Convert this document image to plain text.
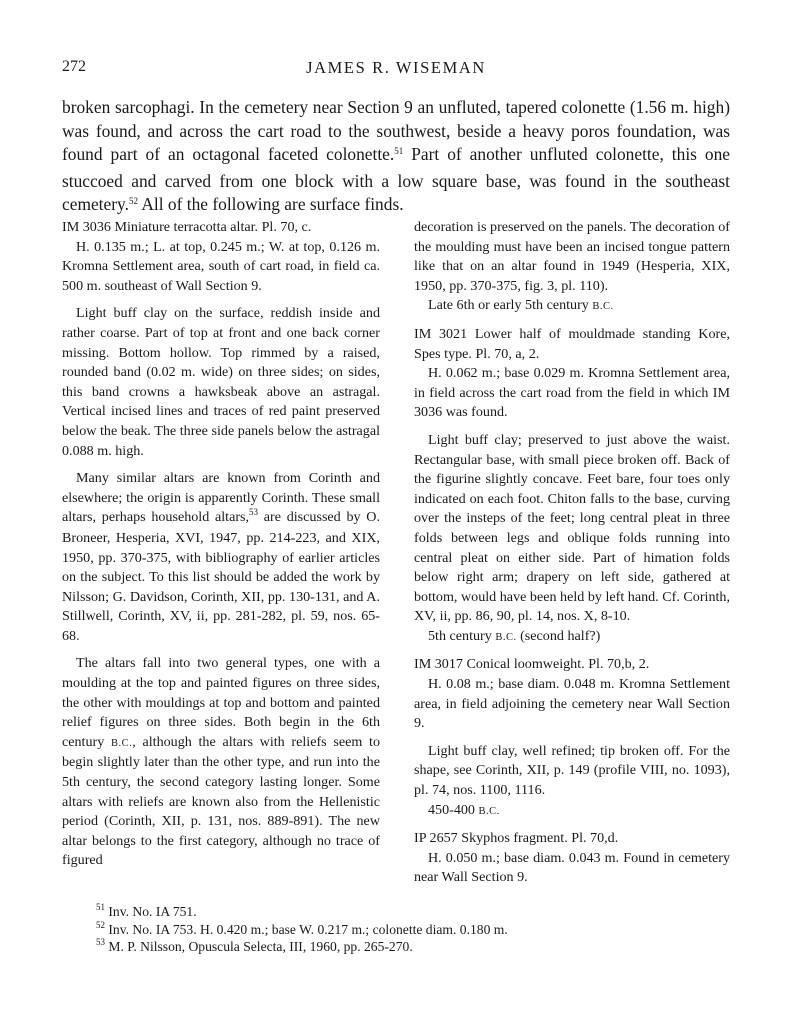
272	JAMES R. WISEMAN
broken sarcophagi. In the cemetery near Section 9 an unfluted, tapered colonette (1.56 m. high) was found, and across the cart road to the southwest, beside a heavy poros foundation, was found part of an octagonal faceted colonette.$^{51}$ Part of another unfluted colonette, this one stuccoed and carved from one block with a low square base, was found in the southeast cemetery.$^{52}$ All of the following are surface finds.

IM 3036 Miniature terracotta altar. Pl. 70, c.

H. 0.135 m.; L. at top, 0.245 m.; W. at top, 0.126 m. Kromna Settlement area, south of cart road, in field ca. 500 m. southeast of Wall Section 9.

Light buff clay on the surface, reddish inside and rather coarse. Part of top at front and one back corner missing. Bottom hollow. Top rimmed by a raised, rounded band (0.02 m. wide) on three sides; on sides, this band crowns a hawksbeak above an astragal. Vertical incised lines and traces of red paint preserved below the beak. The three side panels below the astragal 0.088 m. high.

Many similar altars are known from Corinth and elsewhere; the origin is apparently Corinth. These small altars, perhaps household altars,$^{53}$ are discussed by O. Broneer, Hesperia, XVI, 1947, pp. 214-223, and XIX, 1950, pp. 370-375, with bibliography of earlier articles on the subject. To this list should be added the work by Nilsson; G. Davidson, Corinth, XII, pp. 130-131, and A. Stillwell, Corinth, XV, ii, pp. 281-282, pl. 59, nos. 65-68.

The altars fall into two general types, one with a moulding at the top and painted figures on three sides, the other with mouldings at top and bottom and painted relief figures on three sides. Both begin in the 6th century B.C., although the altars with reliefs seem to begin slightly later than the other type, and run into the 5th century, the second category lasting longer. Some altars with reliefs are known also from the Hellenistic period (Corinth, XII, p. 131, nos. 889-891). The new altar belongs to the first category, although no trace of figured

decoration is preserved on the panels. The decoration of the moulding must have been an incised tongue pattern like that on an altar found in 1949 (Hesperia, XIX, 1950, pp. 370-375, fig. 3, pl. 110).

Late 6th or early 5th century B.C.

IM 3021 Lower half of mouldmade standing Kore, Spes type. Pl. 70, a, 2.

H. 0.062 m.; base 0.029 m. Kromna Settlement area, in field across the cart road from the field in which IM 3036 was found.

Light buff clay; preserved to just above the waist. Rectangular base, with small piece broken off. Back of the figurine slightly concave. Feet bare, four toes only indicated on each foot. Chiton falls to the base, curving over the insteps of the feet; long central pleat in three folds between legs and oblique folds running into central pleat on either side. Part of himation folds below right arm; drapery on left side, gathered at bottom, would have been held by left hand. Cf. Corinth, XV, ii, pp. 86, 90, pl. 14, nos. X, 8-10.

5th century B.C. (second half?)

IM 3017 Conical loomweight. Pl. 70,b, 2.

H. 0.08 m.; base diam. 0.048 m. Kromna Settlement area, in field adjoining the cemetery near Wall Section 9.

Light buff clay, well refined; tip broken off. For the shape, see Corinth, XII, p. 149 (profile VIII, no. 1093), pl. 74, nos. 1100, 1116.

450-400 B.C.

IP 2657 Skyphos fragment. Pl. 70,d.

H. 0.050 m.; base diam. 0.043 m. Found in cemetery near Wall Section 9.

$^{51}$ Inv. No. IA 751.
$^{52}$ Inv. No. IA 753. H. 0.420 m.; base W. 0.217 m.; colonette diam. 0.180 m.
$^{53}$ M. P. Nilsson, Opuscula Selecta, III, 1960, pp. 265-270.
